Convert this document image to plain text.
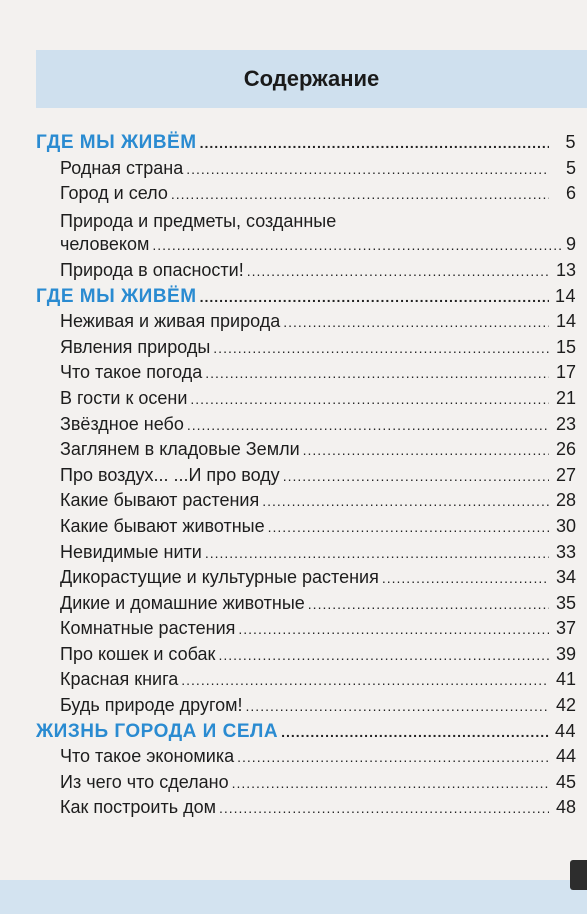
Содержание
ГДЕ МЫ ЖИВЁМ .....	5
Родная страна .....	5
Город и село .....	6
Природа и предметы, созданные
человеком .....	9
Природа в опасности! .....	13
ГДЕ МЫ ЖИВЁМ .....	14
Неживая и живая природа .....	14
Явления природы .....	15
Что такое погода .....	17
В гости к осени .....	21
Звёздное небо .....	23
Заглянем в кладовые Земли .....	26
Про воздух... ...И про воду .....	27
Какие бывают растения .....	28
Какие бывают животные .....	30
Невидимые нити .....	33
Дикорастущие и культурные растения .....	34
Дикие и домашние животные .....	35
Комнатные растения .....	37
Про кошек и собак .....	39
Красная книга .....	41
Будь природе другом! .....	42
ЖИЗНЬ ГОРОДА И СЕЛА .....	44
Что такое экономика .....	44
Из чего что сделано .....	45
Как построить дом .....	48
